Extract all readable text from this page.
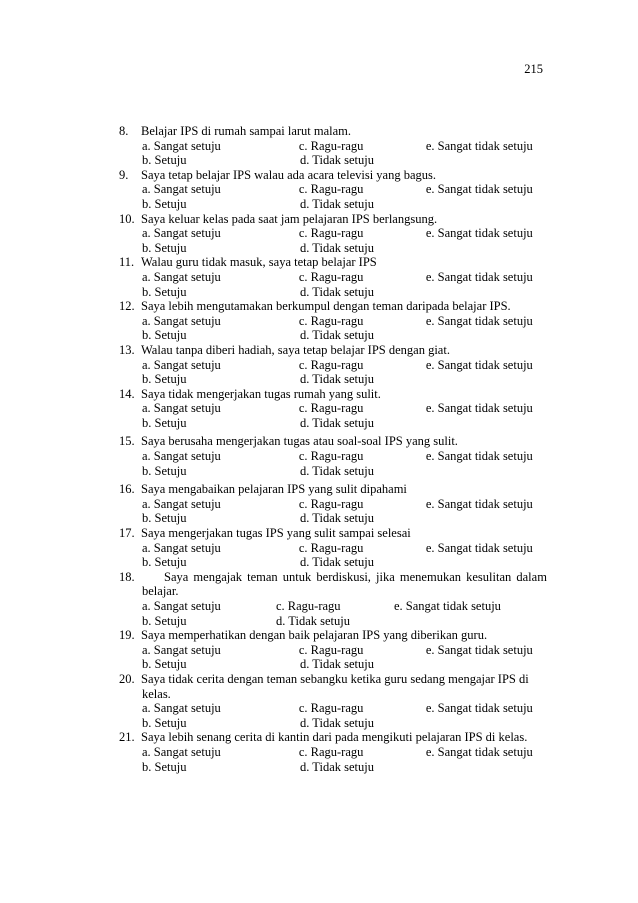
215
8.	Belajar IPS di rumah sampai larut malam.
a. Sangat setuju	c. Ragu-ragu	e. Sangat tidak setuju
b. Setuju	d. Tidak setuju
9.	Saya tetap belajar IPS walau ada acara televisi yang bagus.
a. Sangat setuju	c. Ragu-ragu	e. Sangat tidak setuju
b. Setuju	d. Tidak setuju
10. Saya keluar kelas pada saat jam pelajaran IPS berlangsung.
a. Sangat setuju	c. Ragu-ragu	e. Sangat tidak setuju
b. Setuju	d. Tidak setuju
11. Walau guru tidak masuk, saya tetap belajar IPS
a. Sangat setuju	c. Ragu-ragu	e. Sangat tidak setuju
b. Setuju	d. Tidak setuju
12. Saya lebih mengutamakan berkumpul dengan teman daripada belajar IPS.
a. Sangat setuju	c. Ragu-ragu	e. Sangat tidak setuju
b. Setuju	d. Tidak setuju
13. Walau tanpa diberi hadiah, saya tetap belajar IPS dengan giat.
a. Sangat setuju	c. Ragu-ragu	e. Sangat tidak setuju
b. Setuju	d. Tidak setuju
14. Saya tidak mengerjakan tugas rumah yang sulit.
a. Sangat setuju	c. Ragu-ragu	e. Sangat tidak setuju
b. Setuju	d. Tidak setuju
15. Saya berusaha mengerjakan tugas atau soal-soal IPS yang sulit.
a. Sangat setuju	c. Ragu-ragu	e. Sangat tidak setuju
b. Setuju	d. Tidak setuju
16. Saya mengabaikan pelajaran IPS yang sulit dipahami
a. Sangat setuju	c. Ragu-ragu	e. Sangat tidak setuju
b. Setuju	d. Tidak setuju
17. Saya mengerjakan tugas IPS yang sulit sampai selesai
a. Sangat setuju	c. Ragu-ragu	e. Sangat tidak setuju
b. Setuju	d. Tidak setuju
18.	Saya mengajak teman untuk berdiskusi, jika menemukan kesulitan dalam
belajar.
a. Sangat setuju	c. Ragu-ragu	e. Sangat tidak setuju
b. Setuju	d. Tidak setuju
19. Saya memperhatikan dengan baik pelajaran IPS yang diberikan guru.
a. Sangat setuju	c. Ragu-ragu	e. Sangat tidak setuju
b. Setuju	d. Tidak setuju
20. Saya tidak cerita dengan teman sebangku ketika guru sedang mengajar IPS di
kelas.
a. Sangat setuju	c. Ragu-ragu	e. Sangat tidak setuju
b. Setuju	d. Tidak setuju
21. Saya lebih senang cerita di kantin dari pada mengikuti pelajaran IPS di kelas.
a. Sangat setuju	c. Ragu-ragu	e. Sangat tidak setuju
b. Setuju	d. Tidak setuju
